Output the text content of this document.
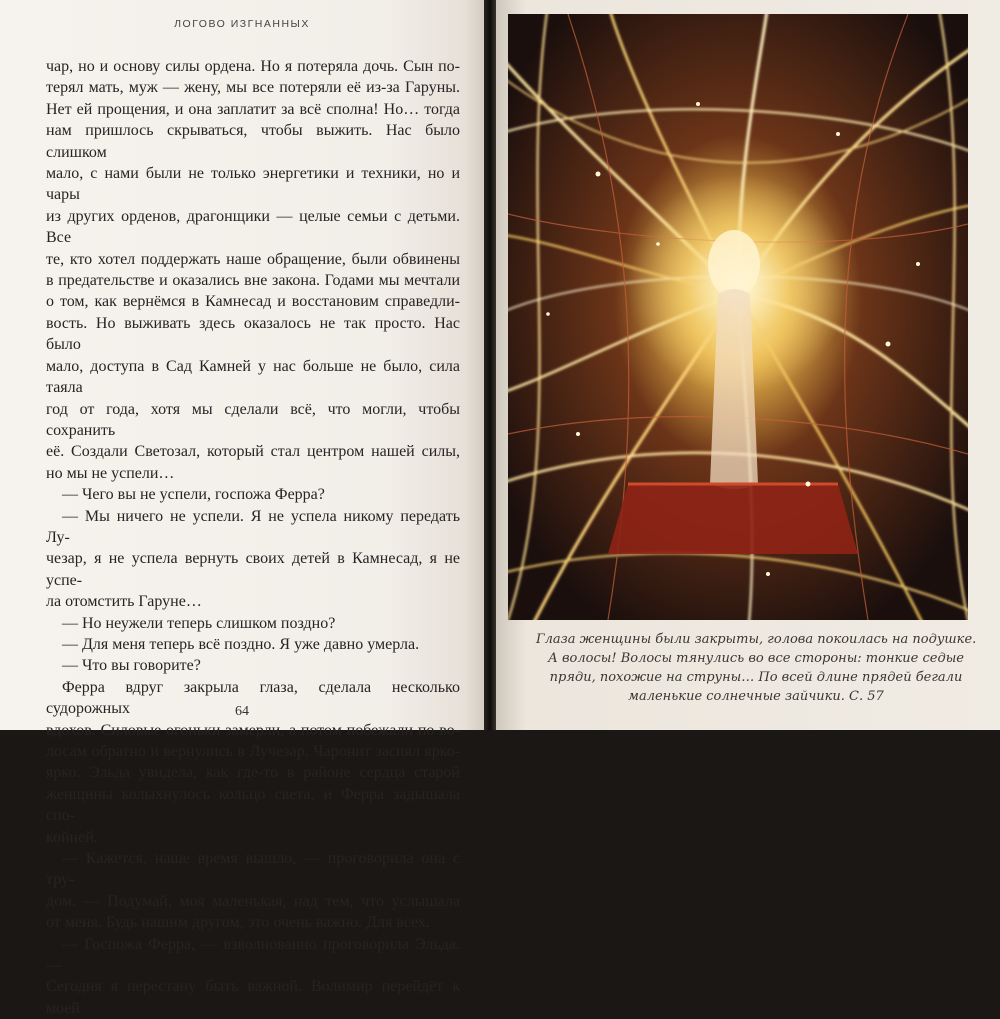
ЛОГОВО ИЗГНАННЫХ
чар, но и основу силы ордена. Но я потеряла дочь. Сын по-
терял мать, муж — жену, мы все потеряли её из-за Гаруны.
Нет ей прощения, и она заплатит за всё сполна! Но… тогда
нам пришлось скрываться, чтобы выжить. Нас было слишком
мало, с нами были не только энергетики и техники, но и чары
из других орденов, драгонщики — целые семьи с детьми. Все
те, кто хотел поддержать наше обращение, были обвинены
в предательстве и оказались вне закона. Годами мы мечтали
о том, как вернёмся в Камнесад и восстановим справедли-
вость. Но выживать здесь оказалось не так просто. Нас было
мало, доступа в Сад Камней у нас больше не было, сила таяла
год от года, хотя мы сделали всё, что могли, чтобы сохранить
её. Создали Светозал, который стал центром нашей силы,
но мы не успели…
— Чего вы не успели, госпожа Ферра?
— Мы ничего не успели. Я не успела никому передать Лу-
чезар, я не успела вернуть своих детей в Камнесад, я не успе-
ла отомстить Гаруне…
— Но неужели теперь слишком поздно?
— Для меня теперь всё поздно. Я уже давно умерла.
— Что вы говорите?
Ферра вдруг закрыла глаза, сделала несколько судорожных
вдохов. Силовые огоньки замерли, а потом побежали по во-
лосам обратно и вернулись в Лучезар. Чаронит засиял ярко-
ярко. Эльда увидела, как где-то в районе сердца старой
женщины колыхнулось кольцо света, и Ферра задышала спо-
койней.
— Кажется, наше время вышло, — проговорила она с тру-
дом. — Подумай, моя маленькая, над тем, что услышала
от меня. Будь нашим другом, это очень важно. Для всех.
— Госпожа Ферра, — взволнованно проговорила Эльда. —
Сегодня я перестану быть важной. Волимир перейдёт к моей
64
Глаза женщины были закрыты, голова покоилась на подушке.
А волосы! Волосы тянулись во все стороны: тонкие седые
пряди, похожие на струны… По всей длине прядей бегали
маленькие солнечные зайчики. С. 57
